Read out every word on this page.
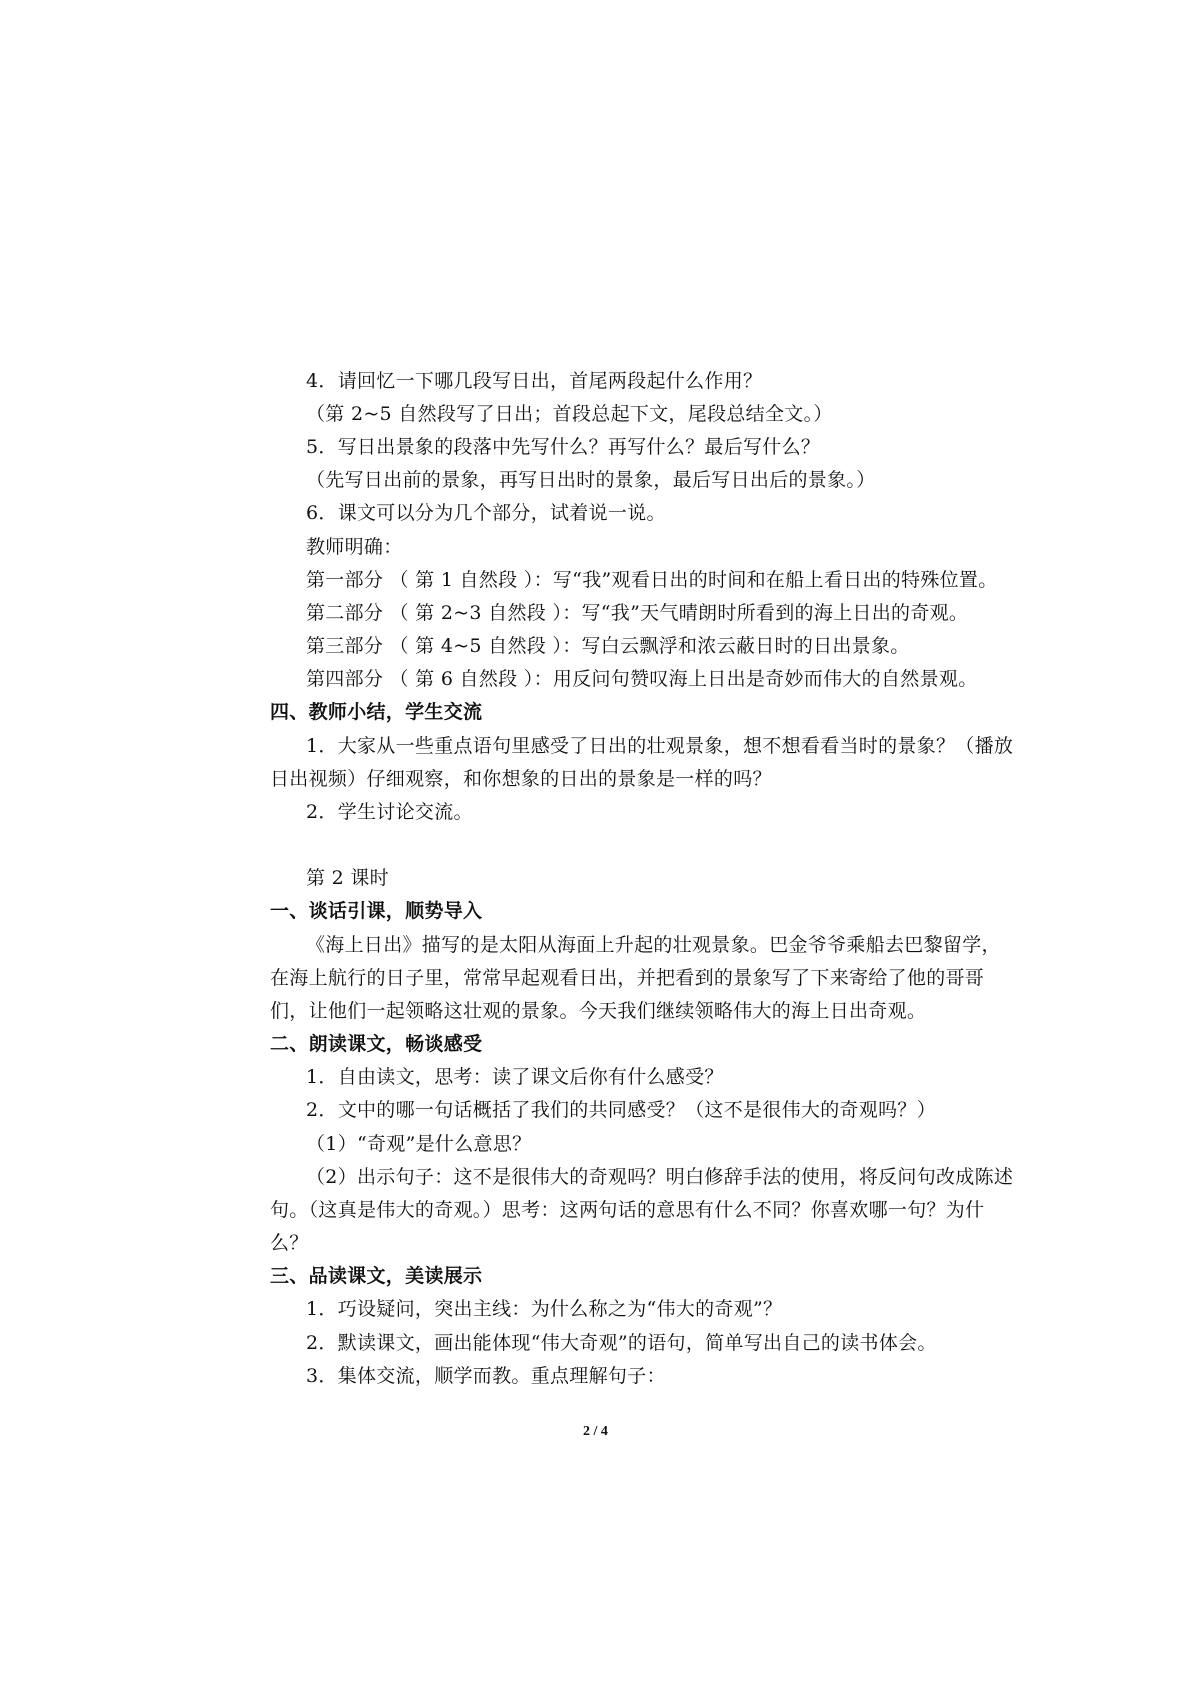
4．请回忆一下哪几段写日出，首尾两段起什么作用？
（第 2~5 自然段写了日出；首段总起下文，尾段总结全文。）
5．写日出景象的段落中先写什么？再写什么？最后写什么？
（先写日出前的景象，再写日出时的景象，最后写日出后的景象。）
6．课文可以分为几个部分，试着说一说。
教师明确：
第一部分 （ 第 1 自然段 ）：写“我”观看日出的时间和在船上看日出的特殊位置。
第二部分 （ 第 2~3 自然段 ）：写“我”天气晴朗时所看到的海上日出的奇观。
第三部分 （ 第 4~5 自然段 ）：写白云飘浮和浓云蔽日时的日出景象。
第四部分 （ 第 6 自然段 ）：用反问句赞叹海上日出是奇妙而伟大的自然景观。
四、教师小结，学生交流
1．大家从一些重点语句里感受了日出的壮观景象，想不想看看当时的景象？（播放
日出视频）仔细观察，和你想象的日出的景象是一样的吗？
2．学生讨论交流。
第 2 课时
一、谈话引课，顺势导入
《海上日出》描写的是太阳从海面上升起的壮观景象。巴金爷爷乘船去巴黎留学，
在海上航行的日子里，常常早起观看日出，并把看到的景象写了下来寄给了他的哥哥
们，让他们一起领略这壮观的景象。今天我们继续领略伟大的海上日出奇观。
二、朗读课文，畅谈感受
1．自由读文，思考：读了课文后你有什么感受？
2．文中的哪一句话概括了我们的共同感受？（这不是很伟大的奇观吗？）
（1）“奇观”是什么意思？
（2）出示句子：这不是很伟大的奇观吗？明白修辞手法的使用，将反问句改成陈述
句。（这真是伟大的奇观。）思考：这两句话的意思有什么不同？你喜欢哪一句？为什
么？
三、品读课文，美读展示
1．巧设疑问，突出主线：为什么称之为“伟大的奇观”？
2．默读课文，画出能体现“伟大奇观”的语句，简单写出自己的读书体会。
3．集体交流，顺学而教。重点理解句子：
2 / 4
